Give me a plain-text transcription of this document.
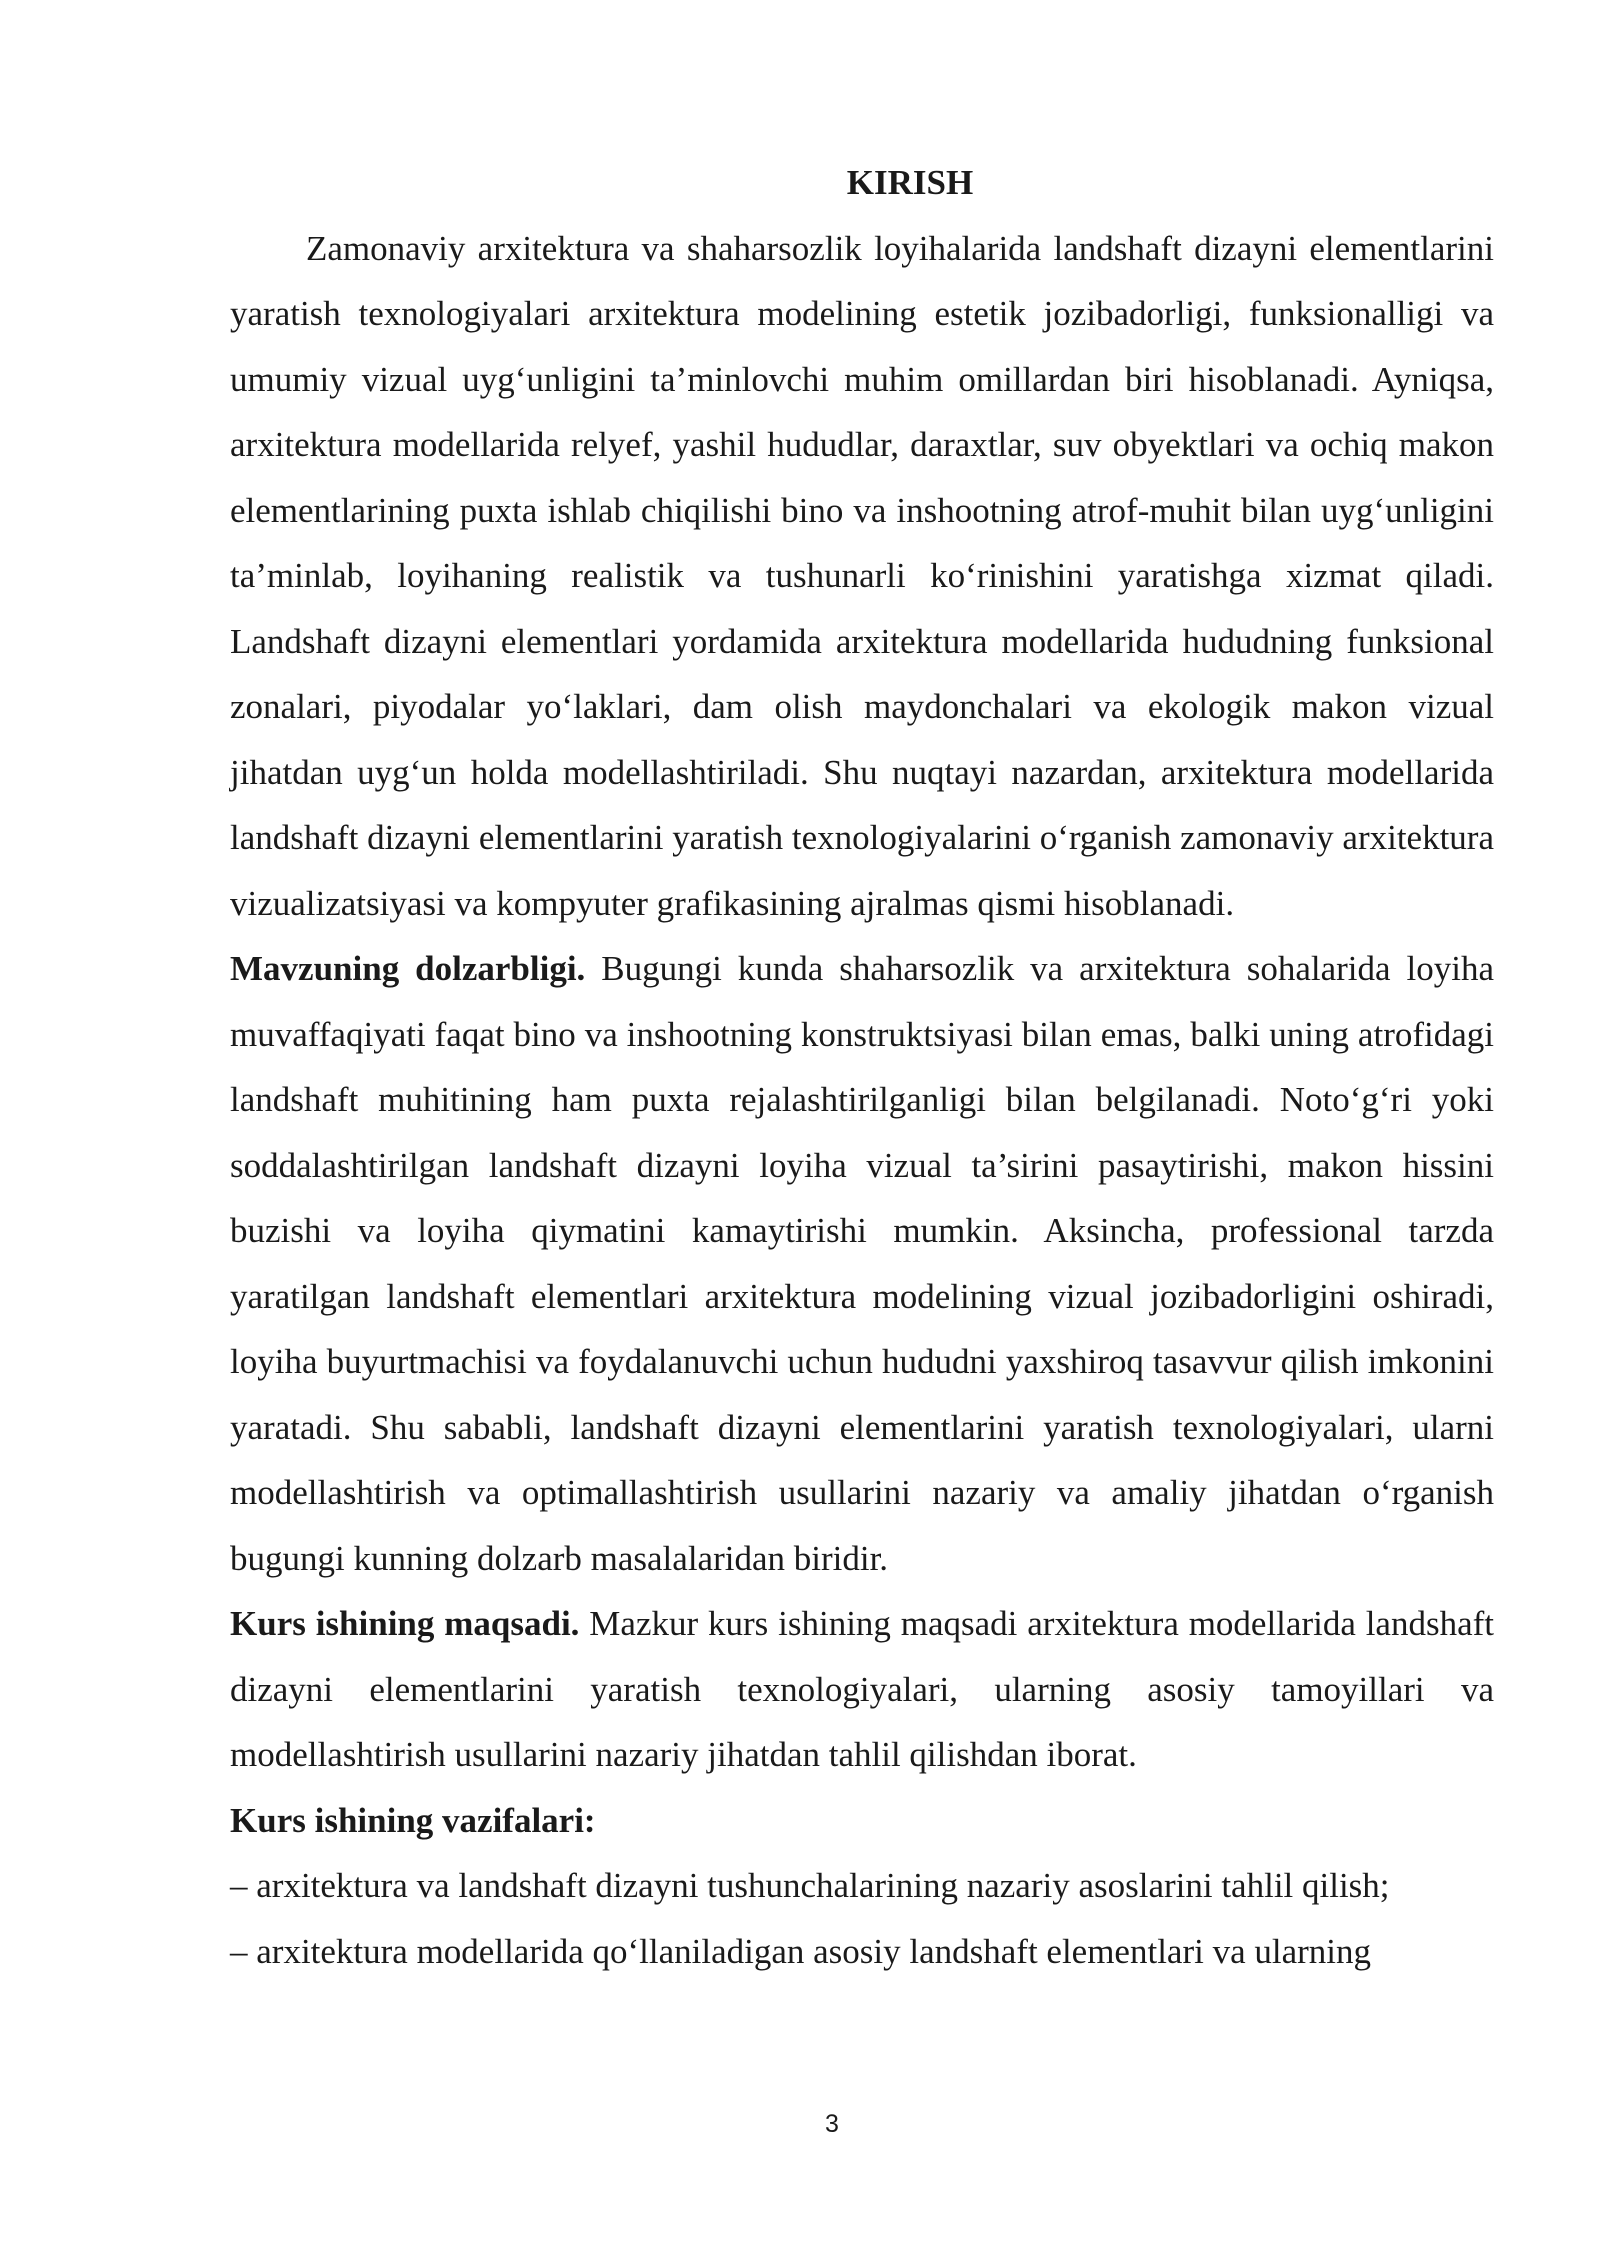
KIRISH

Zamonaviy arxitektura va shaharsozlik loyihalarida landshaft dizayni elementlarini yaratish texnologiyalari arxitektura modelining estetik jozibadorligi, funksionalligi va umumiy vizual uyg‘unligini ta’minlovchi muhim omillardan biri hisoblanadi. Ayniqsa, arxitektura modellarida relyef, yashil hududlar, daraxtlar, suv obyektlari va ochiq makon elementlarining puxta ishlab chiqilishi bino va inshootning atrof-muhit bilan uyg‘unligini ta’minlab, loyihaning realistik va tushunarli ko‘rinishini yaratishga xizmat qiladi. Landshaft dizayni elementlari yordamida arxitektura modellarida hududning funksional zonalari, piyodalar yo‘laklari, dam olish maydonchalari va ekologik makon vizual jihatdan uyg‘un holda modellashtiriladi. Shu nuqtayi nazardan, arxitektura modellarida landshaft dizayni elementlarini yaratish texnologiyalarini o‘rganish zamonaviy arxitektura vizualizatsiyasi va kompyuter grafikasining ajralmas qismi hisoblanadi.

Mavzuning dolzarbligi. Bugungi kunda shaharsozlik va arxitektura sohalarida loyiha muvaffaqiyati faqat bino va inshootning konstruktsiyasi bilan emas, balki uning atrofidagi landshaft muhitining ham puxta rejalashtirilganligi bilan belgilanadi. Noto‘g‘ri yoki soddalashtirilgan landshaft dizayni loyiha vizual ta’sirini pasaytirishi, makon hissini buzishi va loyiha qiymatini kamaytirishi mumkin. Aksincha, professional tarzda yaratilgan landshaft elementlari arxitektura modelining vizual jozibadorligini oshiradi, loyiha buyurtmachisi va foydalanuvchi uchun hududni yaxshiroq tasavvur qilish imkonini yaratadi. Shu sababli, landshaft dizayni elementlarini yaratish texnologiyalari, ularni modellashtirish va optimallashtirish usullarini nazariy va amaliy jihatdan o‘rganish bugungi kunning dolzarb masalalaridan biridir.

Kurs ishining maqsadi. Mazkur kurs ishining maqsadi arxitektura modellarida landshaft dizayni elementlarini yaratish texnologiyalari, ularning asosiy tamoyillari va modellashtirish usullarini nazariy jihatdan tahlil qilishdan iborat.

Kurs ishining vazifalari:

– arxitektura va landshaft dizayni tushunchalarining nazariy asoslarini tahlil qilish;

– arxitektura modellarida qo‘llaniladigan asosiy landshaft elementlari va ularning

3
